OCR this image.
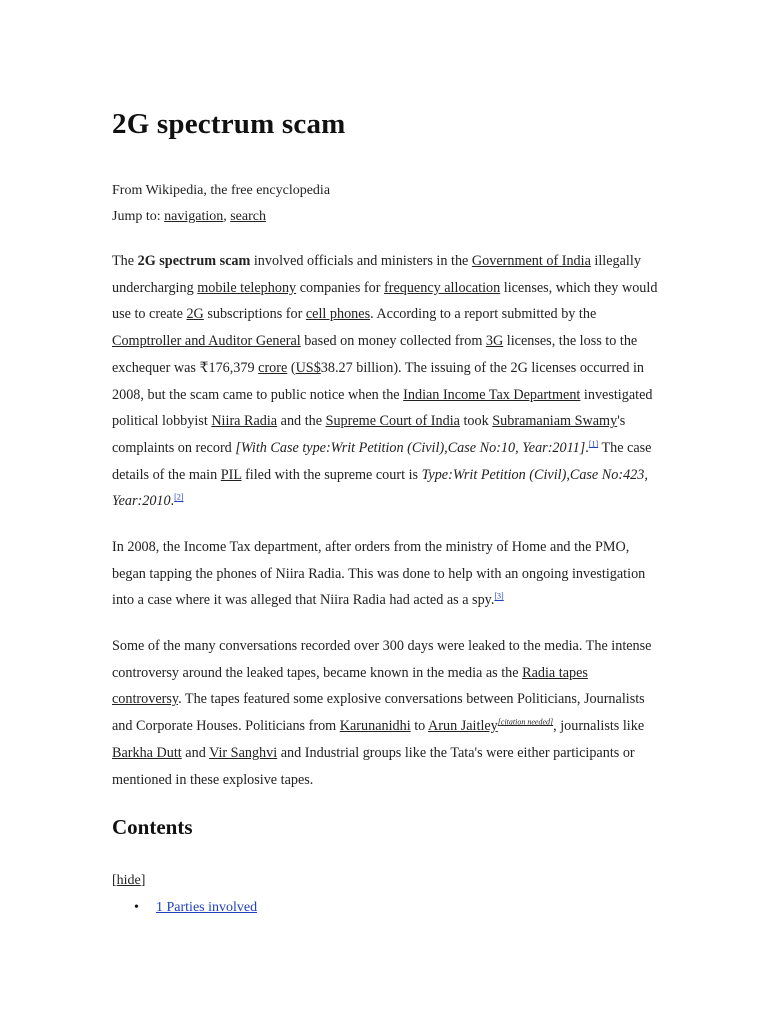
2G spectrum scam
From Wikipedia, the free encyclopedia
Jump to: navigation, search

The 2G spectrum scam involved officials and ministers in the Government of India illegally undercharging mobile telephony companies for frequency allocation licenses, which they would use to create 2G subscriptions for cell phones. According to a report submitted by the Comptroller and Auditor General based on money collected from 3G licenses, the loss to the exchequer was ₹176,379 crore (US$38.27 billion). The issuing of the 2G licenses occurred in 2008, but the scam came to public notice when the Indian Income Tax Department investigated political lobbyist Niira Radia and the Supreme Court of India took Subramaniam Swamy's complaints on record [With Case type:Writ Petition (Civil),Case No:10, Year:2011].[1] The case details of the main PIL filed with the supreme court is Type:Writ Petition (Civil),Case No:423, Year:2010.[2]

In 2008, the Income Tax department, after orders from the ministry of Home and the PMO, began tapping the phones of Niira Radia. This was done to help with an ongoing investigation into a case where it was alleged that Niira Radia had acted as a spy.[3]

Some of the many conversations recorded over 300 days were leaked to the media. The intense controversy around the leaked tapes, became known in the media as the Radia tapes controversy. The tapes featured some explosive conversations between Politicians, Journalists and Corporate Houses. Politicians from Karunanidhi to Arun Jaitley[citation needed], journalists like Barkha Dutt and Vir Sanghvi and Industrial groups like the Tata's were either participants or mentioned in these explosive tapes.

Contents
[hide]
• 1 Parties involved
